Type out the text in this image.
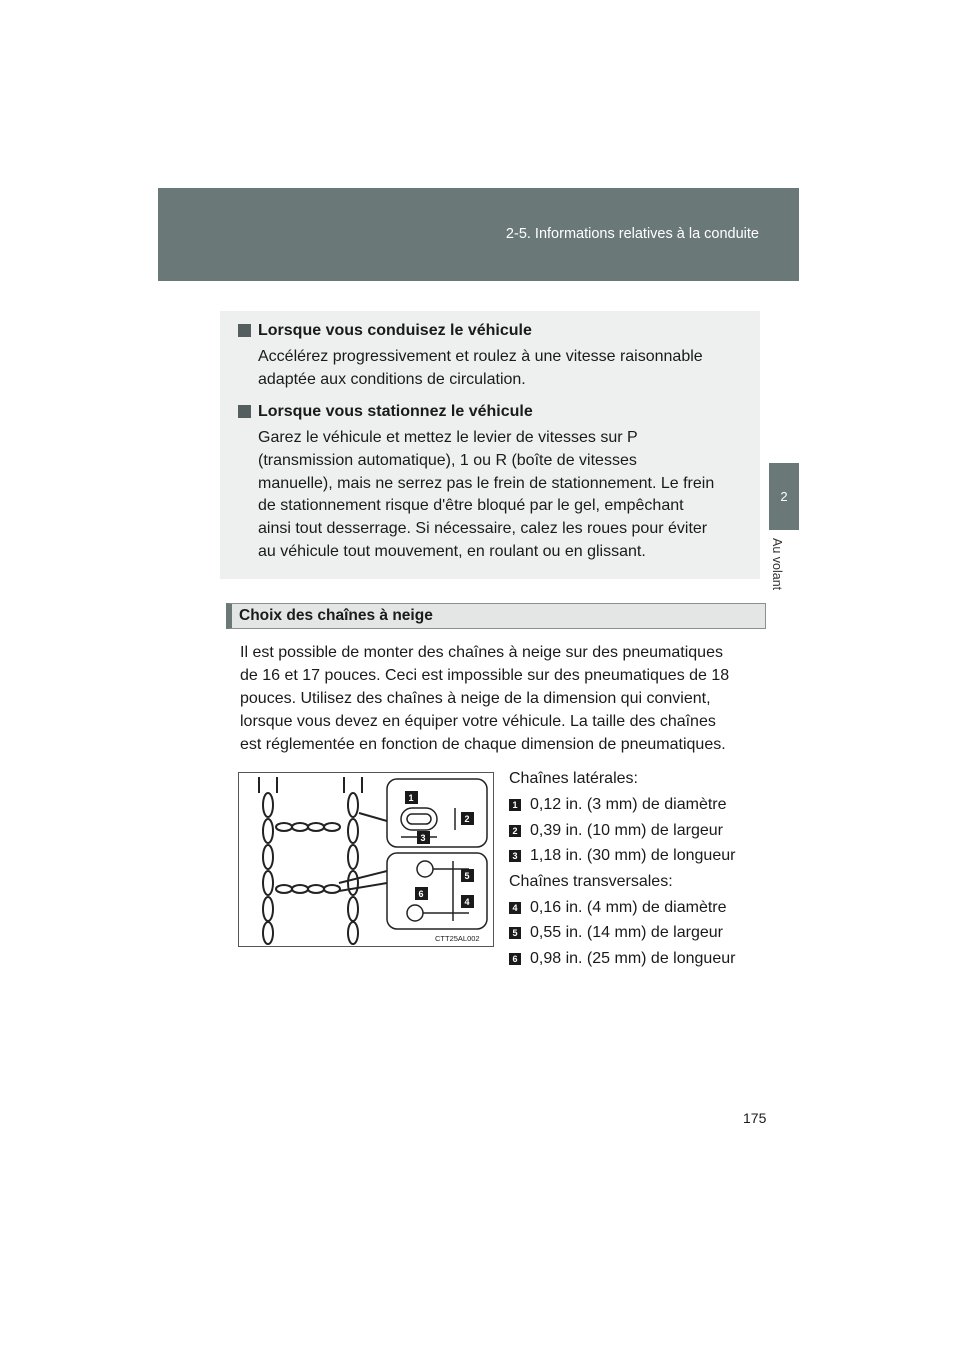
2-5. Informations relatives à la conduite
2
Au volant
Lorsque vous conduisez le véhicule
Accélérez progressivement et roulez à une vitesse raisonnable
adaptée aux conditions de circulation.
Lorsque vous stationnez le véhicule
Garez le véhicule et mettez le levier de vitesses sur P
(transmission automatique), 1 ou R (boîte de vitesses
manuelle), mais ne serrez pas le frein de stationnement. Le frein
de stationnement risque d'être bloqué par le gel, empêchant
ainsi tout desserrage. Si nécessaire, calez les roues pour éviter
au véhicule tout mouvement, en roulant ou en glissant.
Choix des chaînes à neige
Il est possible de monter des chaînes à neige sur des pneumatiques
de 16 et 17 pouces. Ceci est impossible sur des pneumatiques de 18
pouces. Utilisez des chaînes à neige de la dimension qui convient,
lorsque vous devez en équiper votre véhicule. La taille des chaînes
est réglementée en fonction de chaque dimension de pneumatiques.
1
2
3
4
5
6
CTT25AL002
Chaînes latérales:
1 0,12 in. (3 mm) de diamètre
2 0,39 in. (10 mm) de largeur
3 1,18 in. (30 mm) de longueur
Chaînes transversales:
4 0,16 in. (4 mm) de diamètre
5 0,55 in. (14 mm) de largeur
6 0,98 in. (25 mm) de longueur
175
